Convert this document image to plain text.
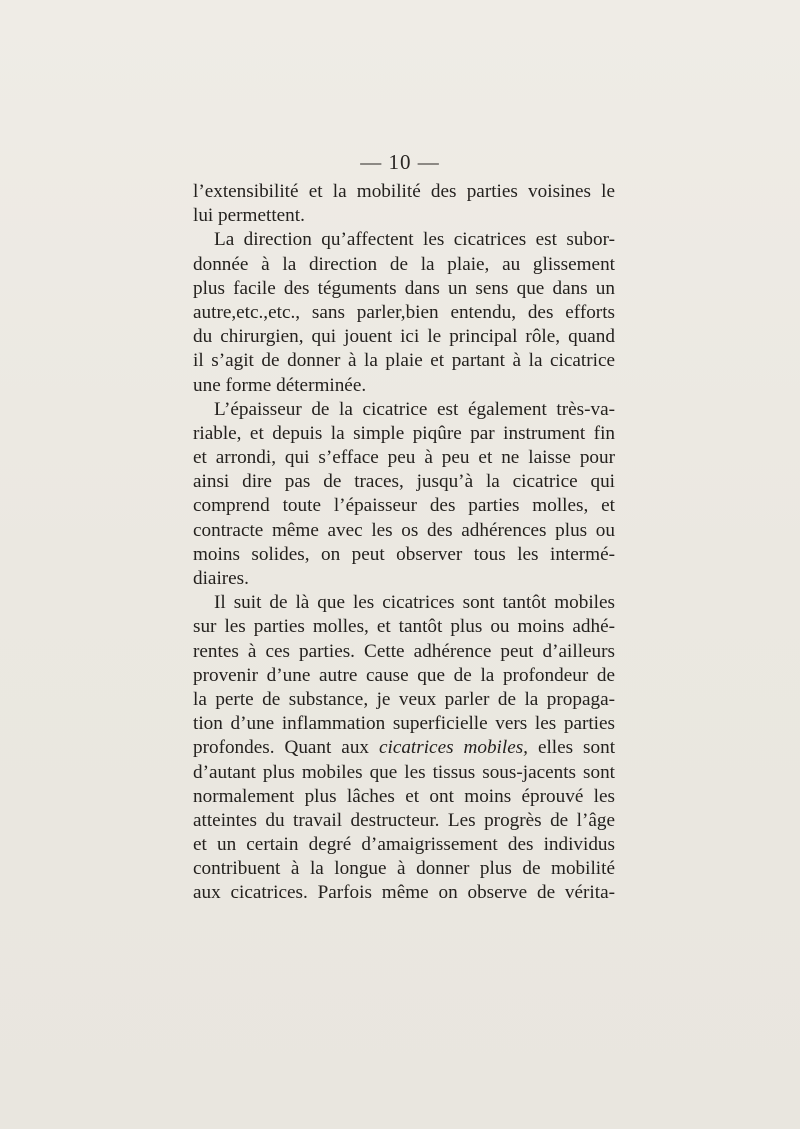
— 10 —
l’extensibilité et la mobilité des parties voisines le
lui permettent.
La direction qu’affectent les cicatrices est subor-
donnée à la direction de la plaie, au glissement
plus facile des téguments dans un sens que dans un
autre,etc.,etc., sans parler,bien entendu, des efforts
du chirurgien, qui jouent ici le principal rôle, quand
il s’agit de donner à la plaie et partant à la cicatrice
une forme déterminée.
L’épaisseur de la cicatrice est également très-va-
riable, et depuis la simple piqûre par instrument fin
et arrondi, qui s’efface peu à peu et ne laisse pour
ainsi dire pas de traces, jusqu’à la cicatrice qui
comprend toute l’épaisseur des parties molles, et
contracte même avec les os des adhérences plus ou
moins solides, on peut observer tous les intermé-
diaires.
Il suit de là que les cicatrices sont tantôt mobiles
sur les parties molles, et tantôt plus ou moins adhé-
rentes à ces parties. Cette adhérence peut d’ailleurs
provenir d’une autre cause que de la profondeur de
la perte de substance, je veux parler de la propaga-
tion d’une inflammation superficielle vers les parties
profondes. Quant aux cicatrices mobiles, elles sont
d’autant plus mobiles que les tissus sous-jacents sont
normalement plus lâches et ont moins éprouvé les
atteintes du travail destructeur. Les progrès de l’âge
et un certain degré d’amaigrissement des individus
contribuent à la longue à donner plus de mobilité
aux cicatrices. Parfois même on observe de vérita-
